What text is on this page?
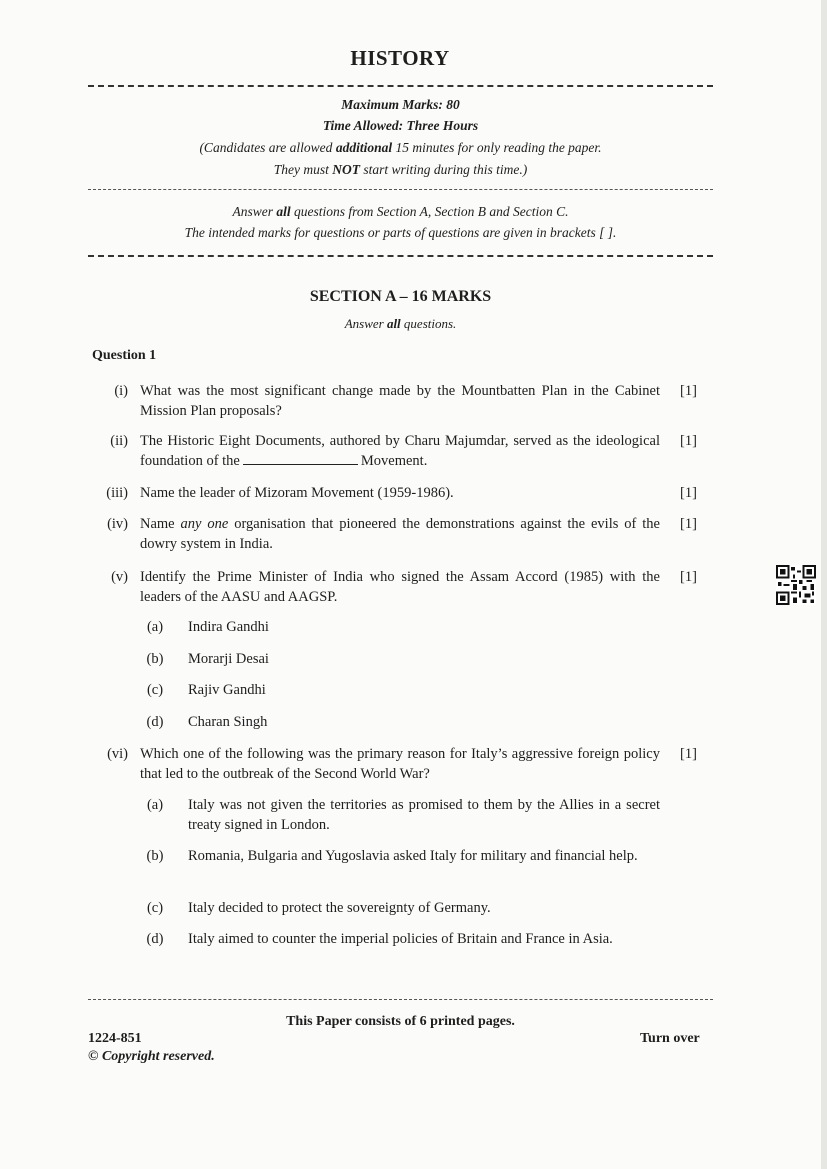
HISTORY
Maximum Marks: 80
Time Allowed: Three Hours
(Candidates are allowed additional 15 minutes for only reading the paper.
They must NOT start writing during this time.)
Answer all questions from Section A, Section B and Section C.
The intended marks for questions or parts of questions are given in brackets [ ].
SECTION A – 16 MARKS
Answer all questions.
Question 1
(i) What was the most significant change made by the Mountbatten Plan in the Cabinet Mission Plan proposals?
[1]
(ii) The Historic Eight Documents, authored by Charu Majumdar, served as the ideological foundation of the	Movement.
[1]
(iii) Name the leader of Mizoram Movement (1959-1986).	[1]
(iv) Name any one organisation that pioneered the demonstrations against the evils of the dowry system in India.
[1]
(v) Identify the Prime Minister of India who signed the Assam Accord (1985) with the leaders of the AASU and AAGSP.
[1]
(a)	Indira Gandhi
(b)	Morarji Desai
(c)	Rajiv Gandhi
(d)	Charan Singh
(vi) Which one of the following was the primary reason for Italy’s aggressive foreign policy that led to the outbreak of the Second World War?
[1]
(a)	Italy was not given the territories as promised to them by the Allies in a secret treaty signed in London.
(b)	Romania, Bulgaria and Yugoslavia asked Italy for military and financial help.
(c)	Italy decided to protect the sovereignty of Germany.
(d)	Italy aimed to counter the imperial policies of Britain and France in Asia.
This Paper consists of 6 printed pages.
1224-851	Turn over
© Copyright reserved.
